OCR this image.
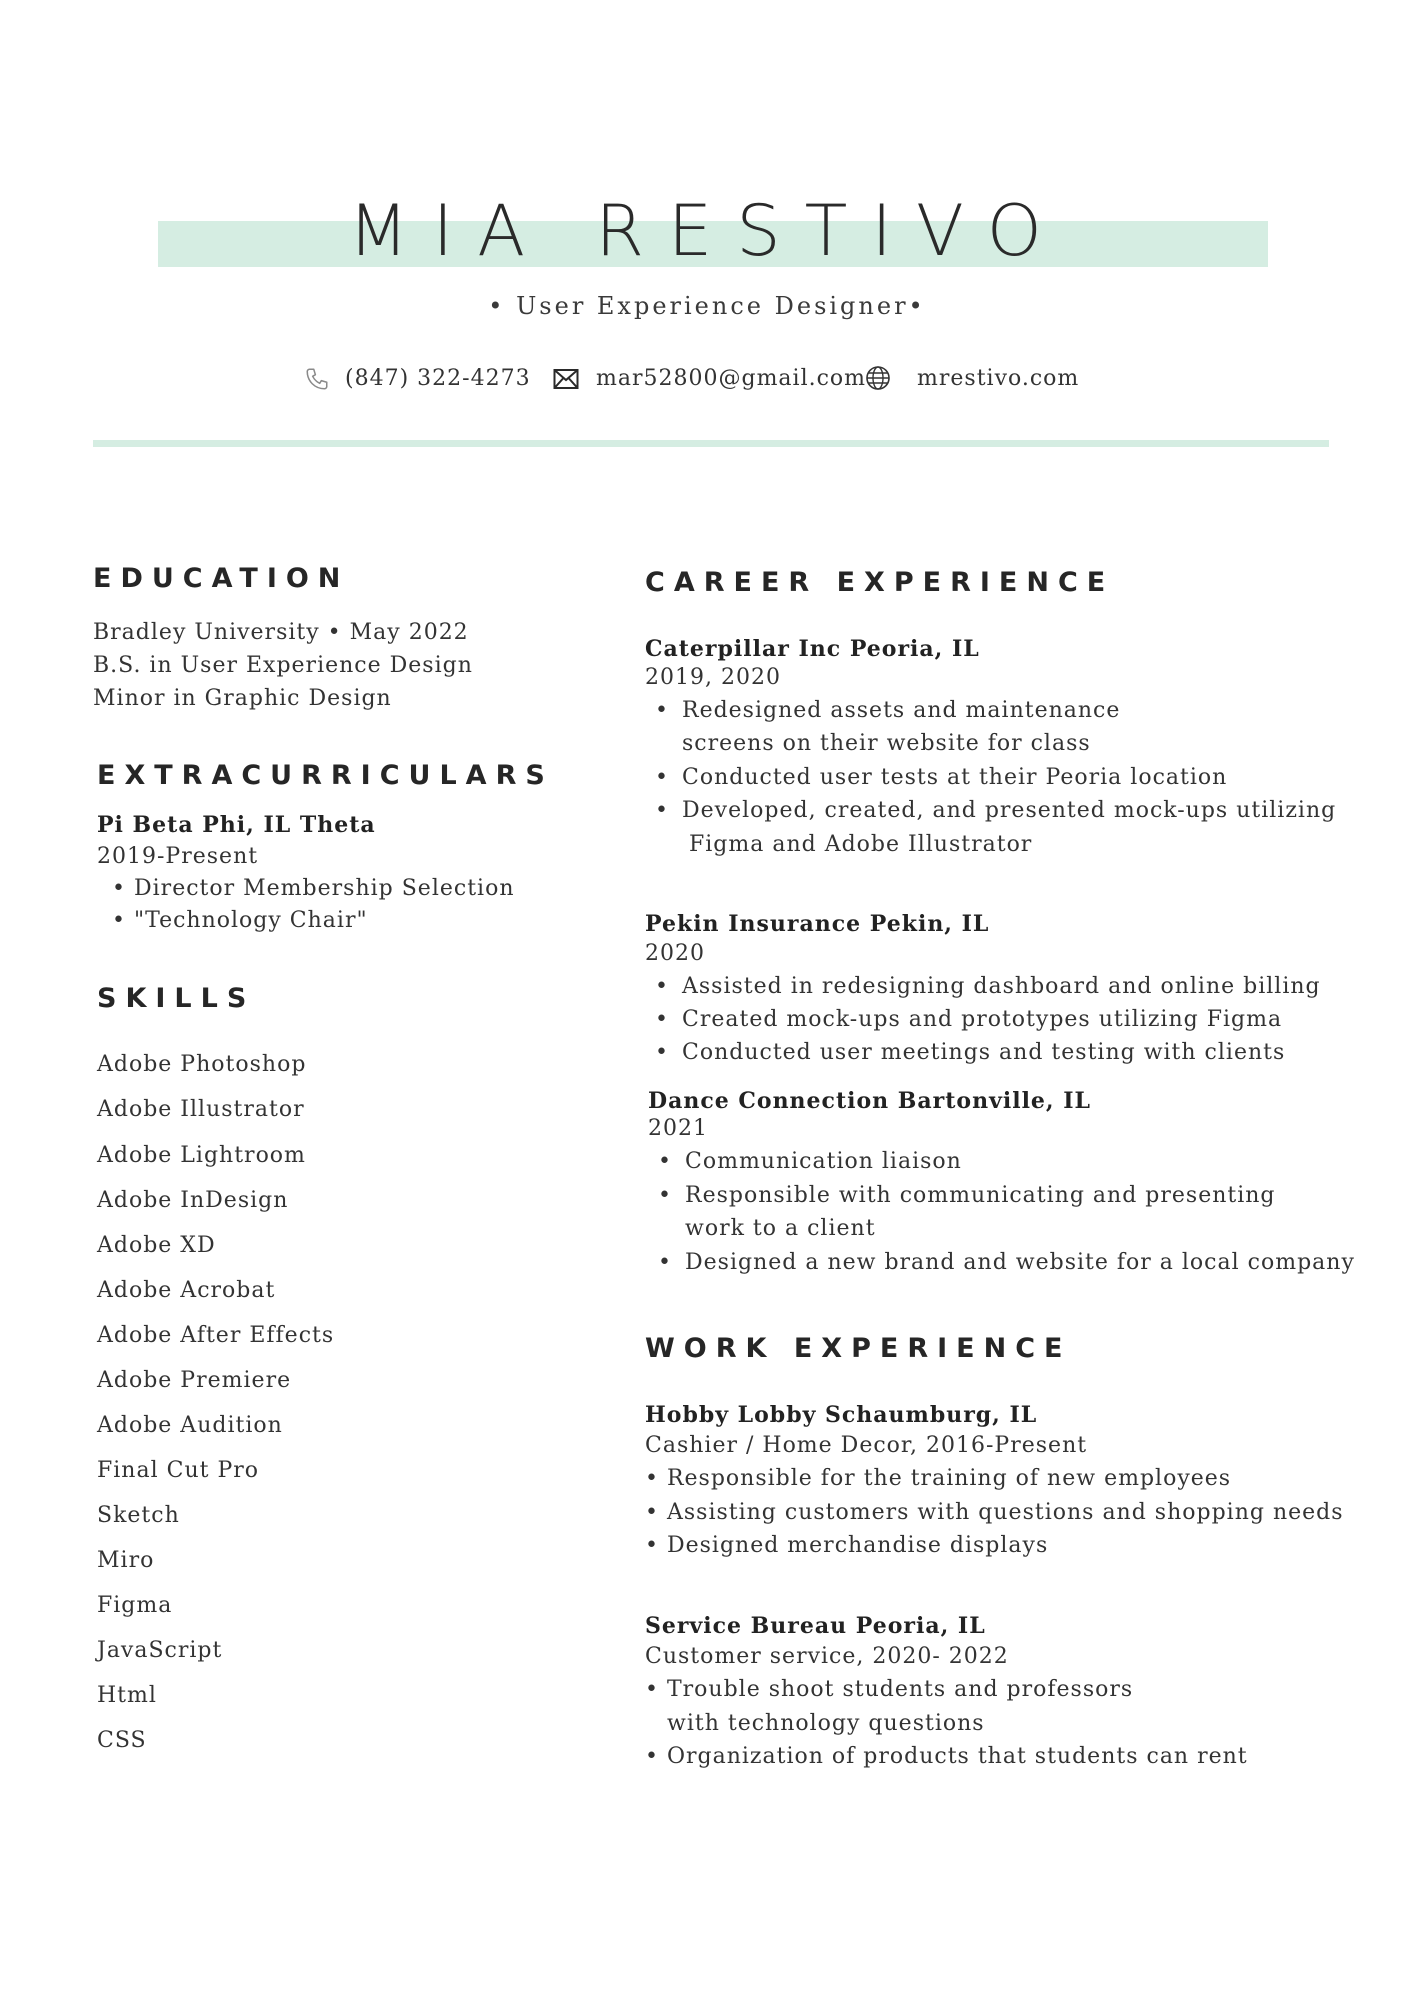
MIA RESTIVO
• User Experience Designer•
(847) 322-4273	mar52800@gmail.com mrestivo.com
EDUCATION
Bradley University • May 2022
B.S. in User Experience Design
Minor in Graphic Design
EXTRACURRICULARS
Pi Beta Phi, IL Theta
2019-Present
• Director Membership Selection
• "Technology Chair"
SKILLS
Adobe Photoshop
Adobe Illustrator
Adobe Lightroom
Adobe InDesign
Adobe XD
Adobe Acrobat
Adobe After Effects
Adobe Premiere
Adobe Audition
Final Cut Pro
Sketch
Miro
Figma
JavaScript
Html
CSS
CAREER EXPERIENCE
Caterpillar Inc Peoria, IL
2019, 2020
• Redesigned assets and maintenance
screens on their website for class
• Conducted user tests at their Peoria location
• Developed, created, and presented mock-ups utilizing
Figma and Adobe Illustrator
Pekin Insurance Pekin, IL
2020
• Assisted in redesigning dashboard and online billing
• Created mock-ups and prototypes utilizing Figma
• Conducted user meetings and testing with clients
Dance Connection Bartonville, IL
2021
• Communication liaison
• Responsible with communicating and presenting
work to a client
• Designed a new brand and website for a local company
WORK EXPERIENCE
Hobby Lobby Schaumburg, IL
Cashier / Home Decor, 2016-Present
• Responsible for the training of new employees
• Assisting customers with questions and shopping needs
• Designed merchandise displays
Service Bureau Peoria, IL
Customer service, 2020- 2022
• Trouble shoot students and professors
with technology questions
• Organization of products that students can rent
